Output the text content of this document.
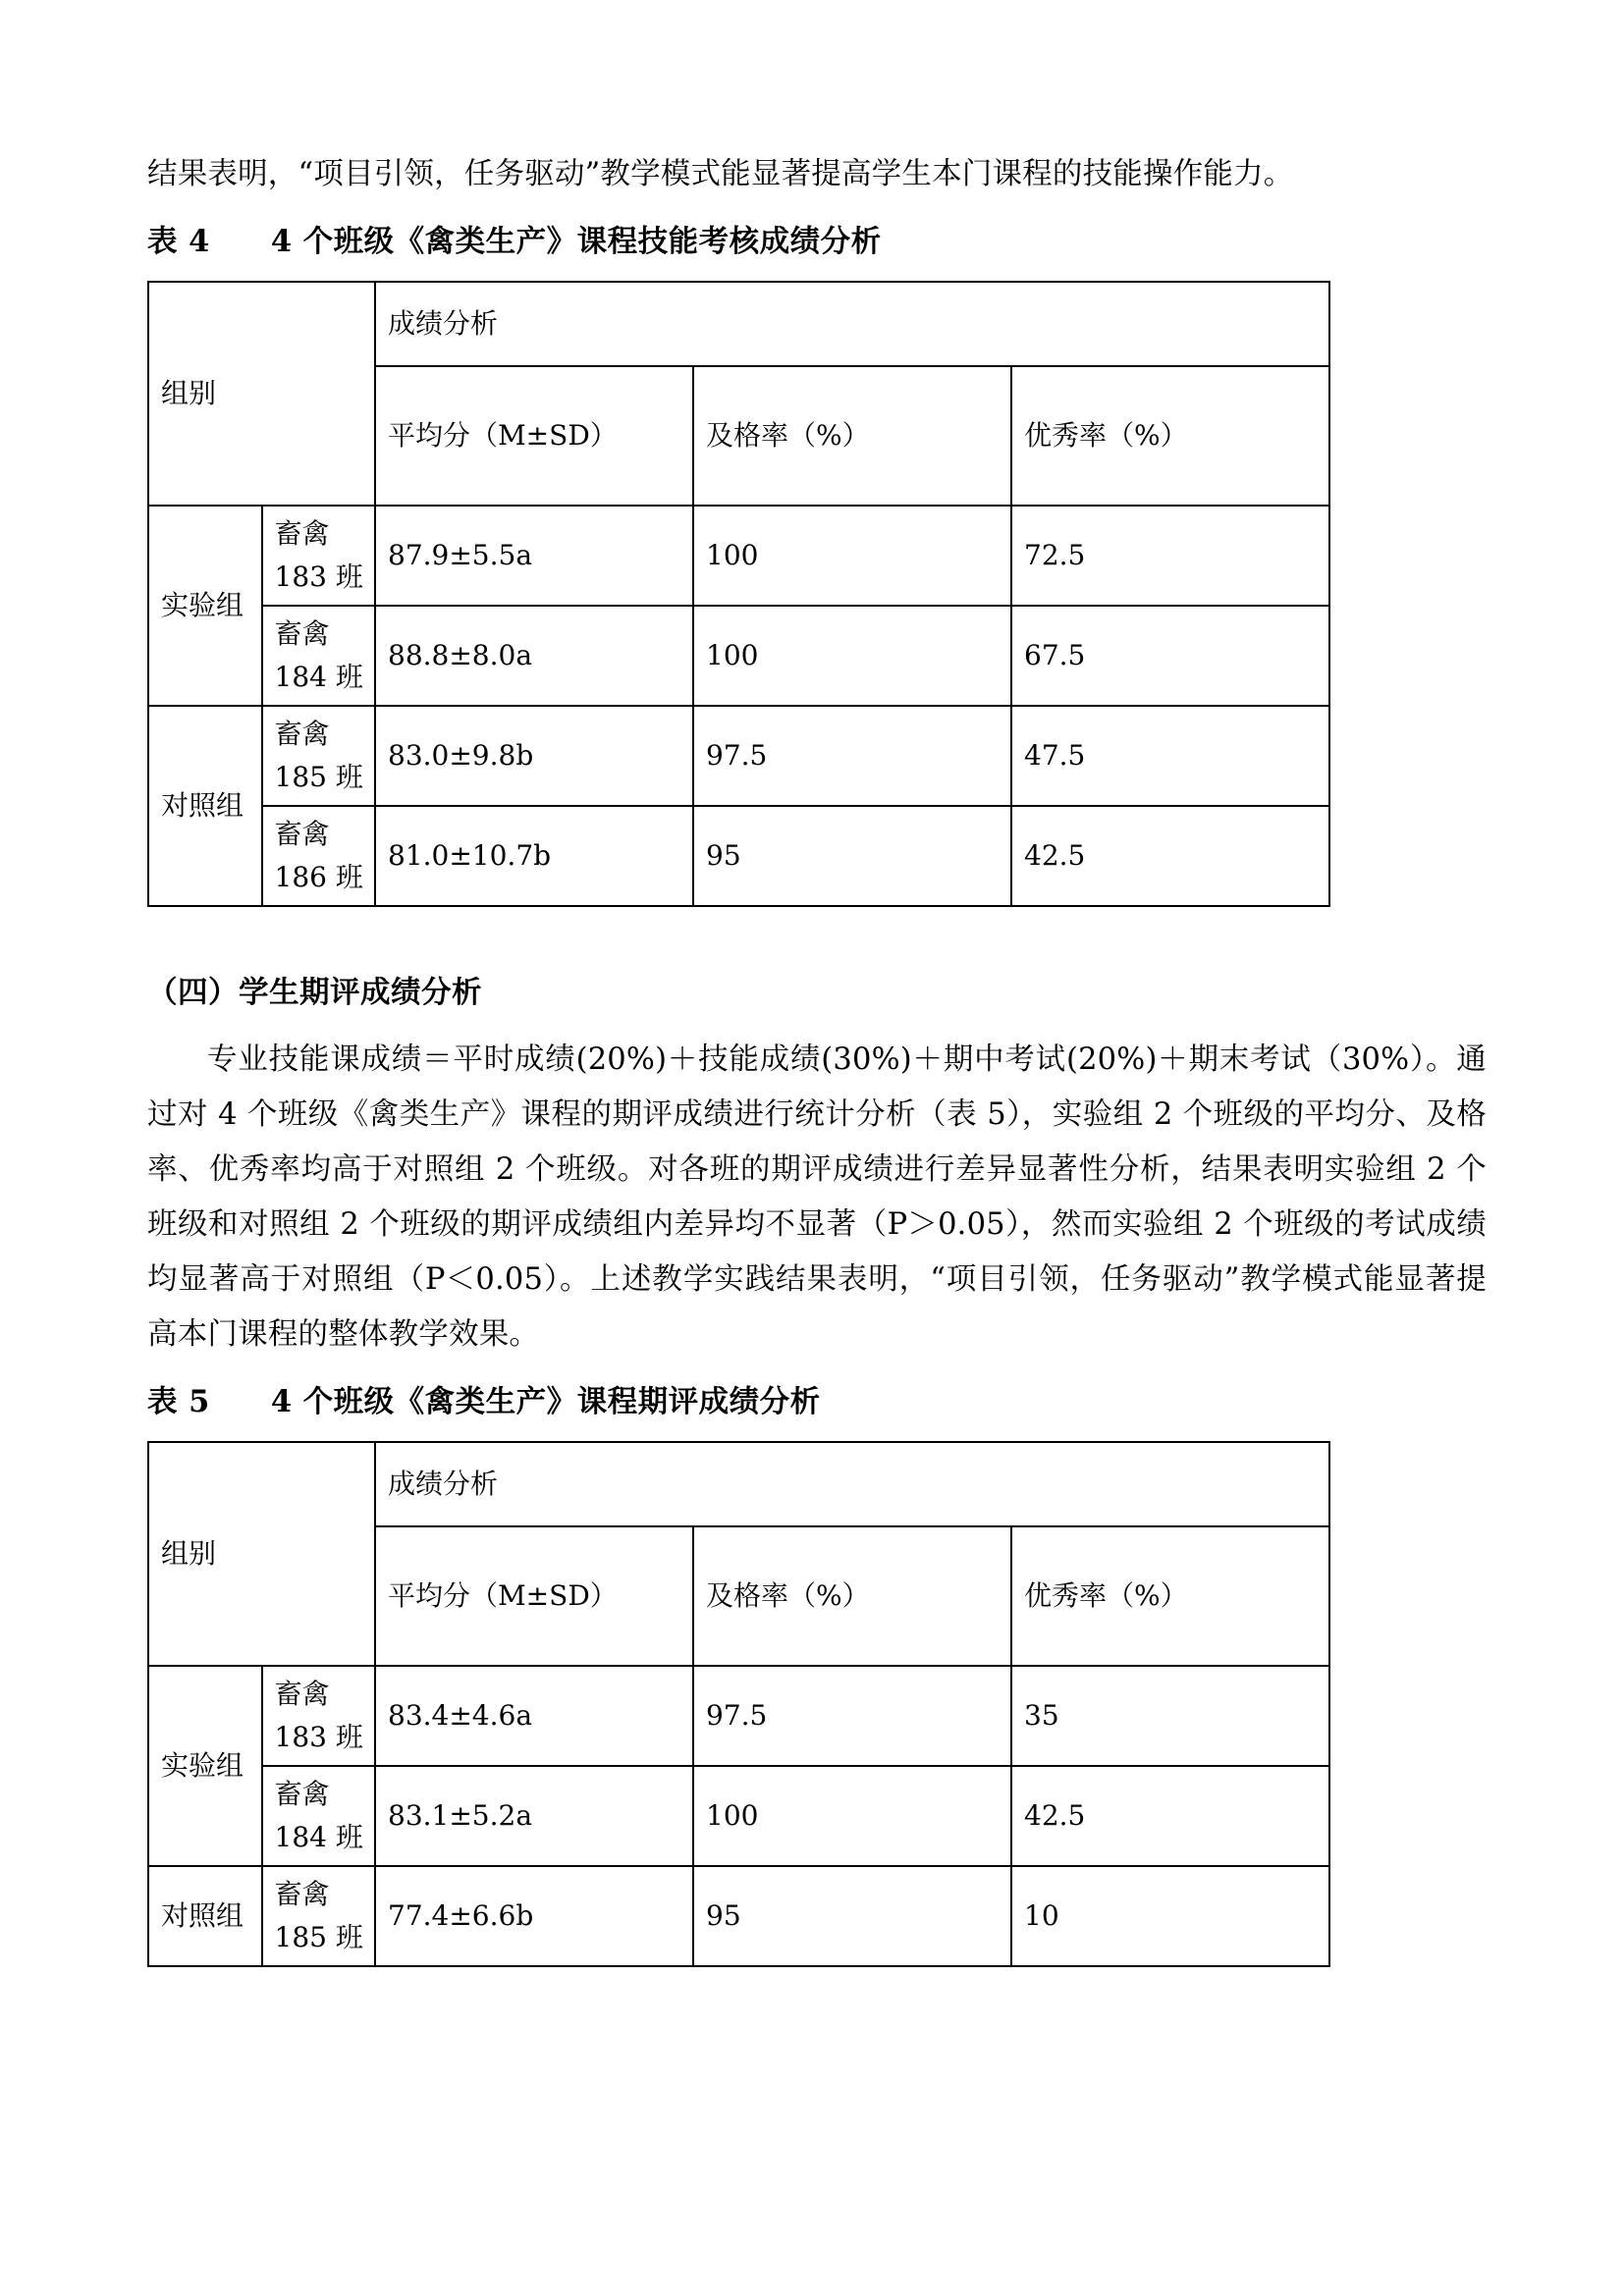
结果表明，“项目引领，任务驱动”教学模式能显著提高学生本门课程的技能操作能力。

表 4　　4 个班级《禽类生产》课程技能考核成绩分析
组别		成绩分析		
		平均分（M±SD）	及格率（%）	优秀率（%）
实验组	畜禽 183 班	87.9±5.5a	100	72.5
	畜禽 184 班	88.8±8.0a	100	67.5
对照组	畜禽 185 班	83.0±9.8b	97.5	47.5
	畜禽 186 班	81.0±10.7b	95	42.5
（四）学生期评成绩分析

专业技能课成绩＝平时成绩(20%)＋技能成绩(30%)＋期中考试(20%)＋期末考试（30%）。通过对 4 个班级《禽类生产》课程的期评成绩进行统计分析（表 5），实验组 2 个班级的平均分、及格率、优秀率均高于对照组 2 个班级。对各班的期评成绩进行差异显著性分析，结果表明实验组 2 个班级和对照组 2 个班级的期评成绩组内差异均不显著（P＞0.05），然而实验组 2 个班级的考试成绩均显著高于对照组（P＜0.05）。上述教学实践结果表明，“项目引领，任务驱动”教学模式能显著提高本门课程的整体教学效果。

表 5　　4 个班级《禽类生产》课程期评成绩分析
组别		成绩分析		
		平均分（M±SD）	及格率（%）	优秀率（%）
实验组	畜禽 183 班	83.4±4.6a	97.5	35
	畜禽 184 班	83.1±5.2a	100	42.5
对照组	畜禽 185 班	77.4±6.6b	95	10
